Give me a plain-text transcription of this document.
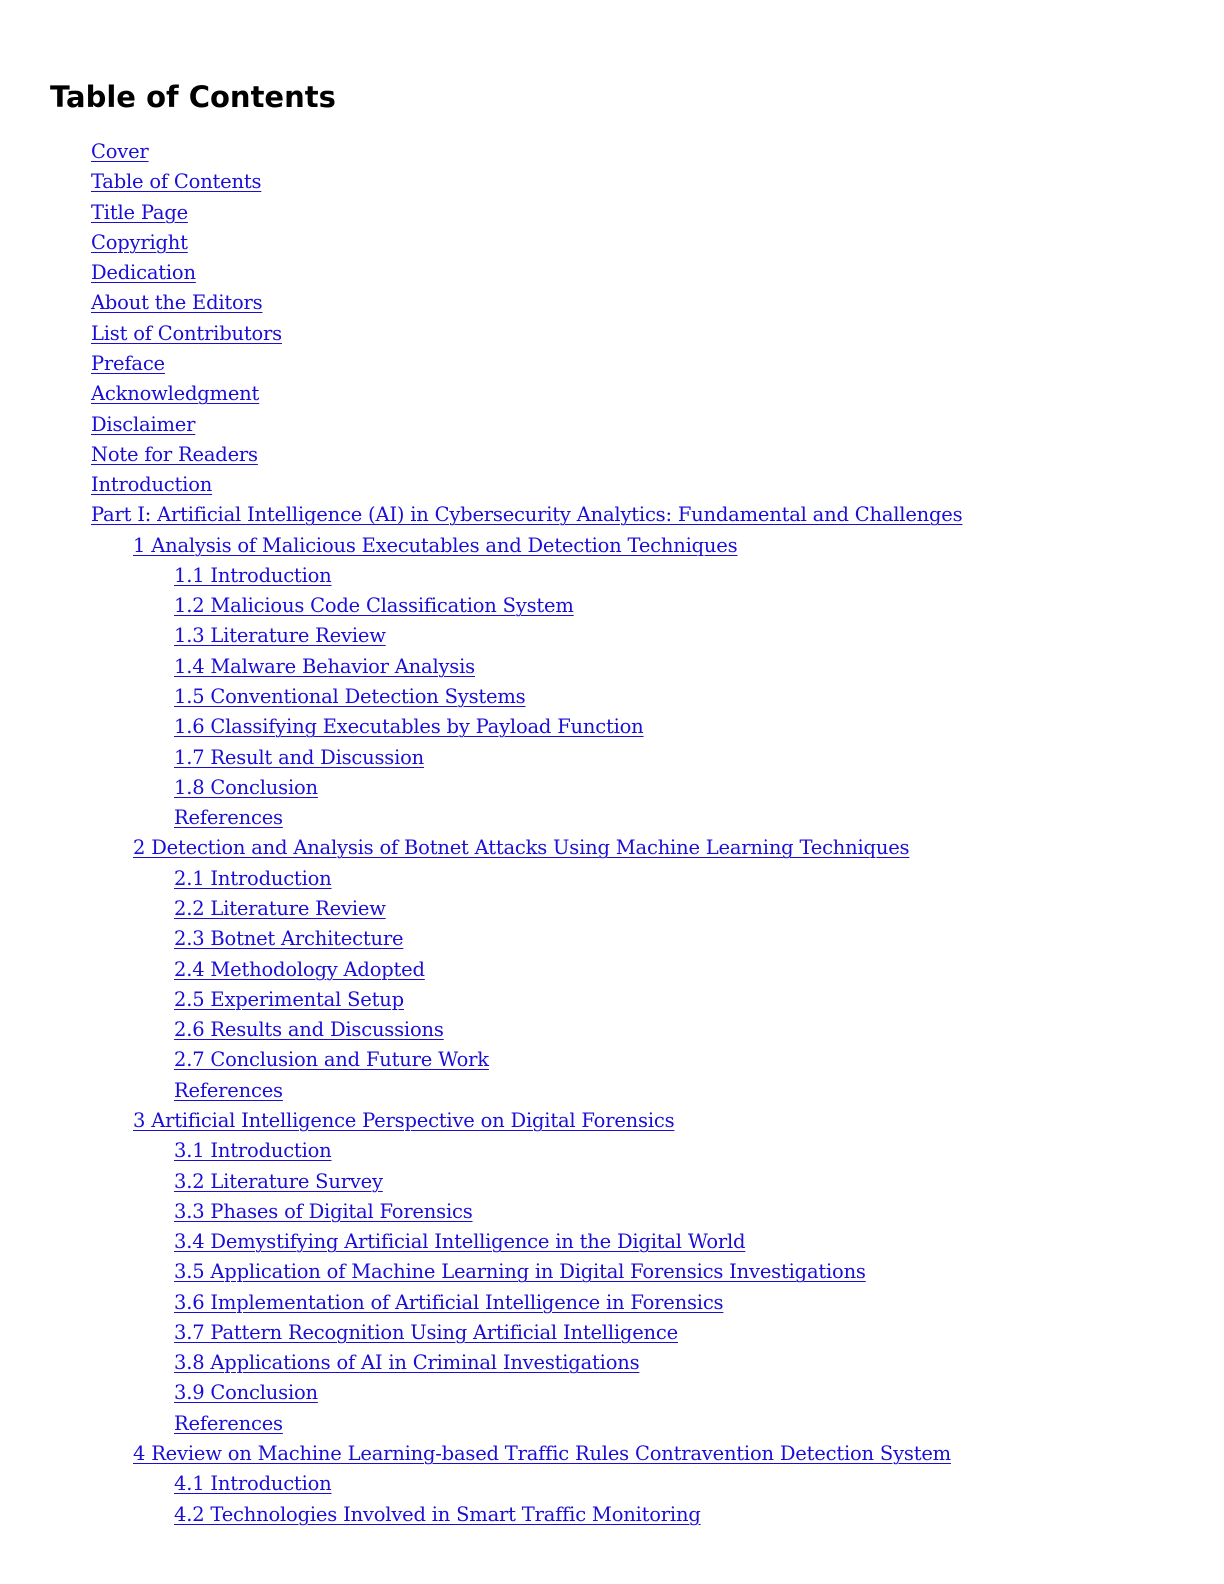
Table of Contents
Cover
Table of Contents
Title Page
Copyright
Dedication
About the Editors
List of Contributors
Preface
Acknowledgment
Disclaimer
Note for Readers
Introduction
Part I: Artificial Intelligence (AI) in Cybersecurity Analytics: Fundamental and Challenges
1 Analysis of Malicious Executables and Detection Techniques
1.1 Introduction
1.2 Malicious Code Classification System
1.3 Literature Review
1.4 Malware Behavior Analysis
1.5 Conventional Detection Systems
1.6 Classifying Executables by Payload Function
1.7 Result and Discussion
1.8 Conclusion
References
2 Detection and Analysis of Botnet Attacks Using Machine Learning Techniques
2.1 Introduction
2.2 Literature Review
2.3 Botnet Architecture
2.4 Methodology Adopted
2.5 Experimental Setup
2.6 Results and Discussions
2.7 Conclusion and Future Work
References
3 Artificial Intelligence Perspective on Digital Forensics
3.1 Introduction
3.2 Literature Survey
3.3 Phases of Digital Forensics
3.4 Demystifying Artificial Intelligence in the Digital World
3.5 Application of Machine Learning in Digital Forensics Investigations
3.6 Implementation of Artificial Intelligence in Forensics
3.7 Pattern Recognition Using Artificial Intelligence
3.8 Applications of AI in Criminal Investigations
3.9 Conclusion
References
4 Review on Machine Learning-based Traffic Rules Contravention Detection System
4.1 Introduction
4.2 Technologies Involved in Smart Traffic Monitoring
